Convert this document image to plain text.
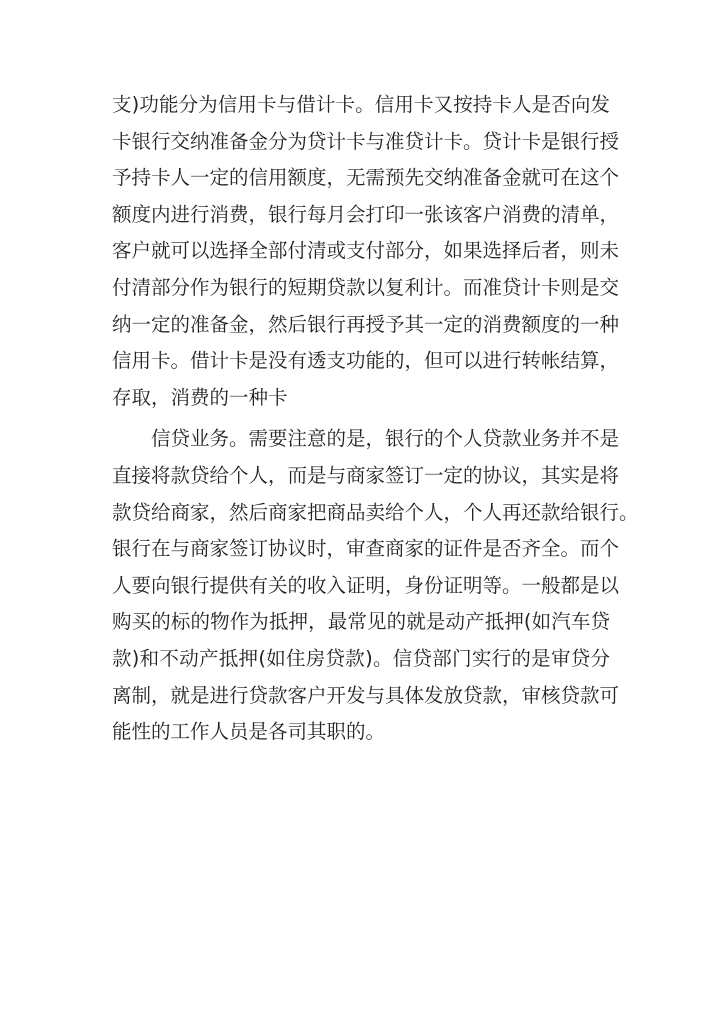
支)功能分为信用卡与借计卡。信用卡又按持卡人是否向发
卡银行交纳准备金分为贷计卡与准贷计卡。贷计卡是银行授
予持卡人一定的信用额度，无需预先交纳准备金就可在这个
额度内进行消费，银行每月会打印一张该客户消费的清单，
客户就可以选择全部付清或支付部分，如果选择后者，则未
付清部分作为银行的短期贷款以复利计。而准贷计卡则是交
纳一定的准备金，然后银行再授予其一定的消费额度的一种
信用卡。借计卡是没有透支功能的，但可以进行转帐结算，
存取，消费的一种卡
信贷业务。需要注意的是，银行的个人贷款业务并不是
直接将款贷给个人，而是与商家签订一定的协议，其实是将
款贷给商家，然后商家把商品卖给个人，个人再还款给银行。
银行在与商家签订协议时，审查商家的证件是否齐全。而个
人要向银行提供有关的收入证明，身份证明等。一般都是以
购买的标的物作为抵押，最常见的就是动产抵押(如汽车贷
款)和不动产抵押(如住房贷款)。信贷部门实行的是审贷分
离制，就是进行贷款客户开发与具体发放贷款，审核贷款可
能性的工作人员是各司其职的。
